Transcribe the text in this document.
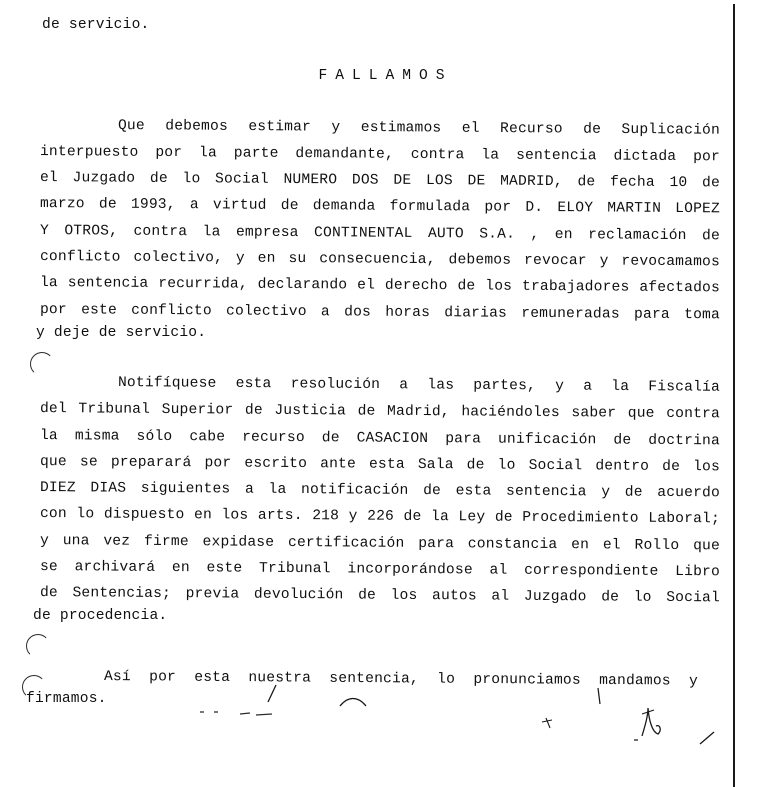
de servicio.
FALLAMOS
Que debemos estimar y estimamos el Recurso de Suplicación
interpuesto por la parte demandante, contra la sentencia dictada por
el Juzgado de lo Social NUMERO DOS DE LOS DE MADRID, de fecha 10 de
marzo de 1993, a virtud de demanda formulada por D. ELOY MARTIN LOPEZ
Y OTROS, contra la empresa CONTINENTAL AUTO S.A. , en reclamación de
conflicto colectivo, y en su consecuencia, debemos revocar y revocamamos
la sentencia recurrida, declarando el derecho de los trabajadores afectados
por este conflicto colectivo a dos horas diarias remuneradas para toma
y deje de servicio.
Notifíquese esta resolución a las partes, y a la Fiscalía
del Tribunal Superior de Justicia de Madrid, haciéndoles saber que contra
la misma sólo cabe recurso de CASACION para unificación de doctrina
que se preparará por escrito ante esta Sala de lo Social dentro de los
DIEZ DIAS siguientes a la notificación de esta sentencia y de acuerdo
con lo dispuesto en los arts. 218 y 226 de la Ley de Procedimiento Laboral;
y una vez firme expidase certificación para constancia en el Rollo que
se archivará en este Tribunal incorporándose al correspondiente Libro
de Sentencias; previa devolución de los autos al Juzgado de lo Social
de procedencia.
Así por esta nuestra sentencia, lo pronunciamos mandamos y
firmamos.
